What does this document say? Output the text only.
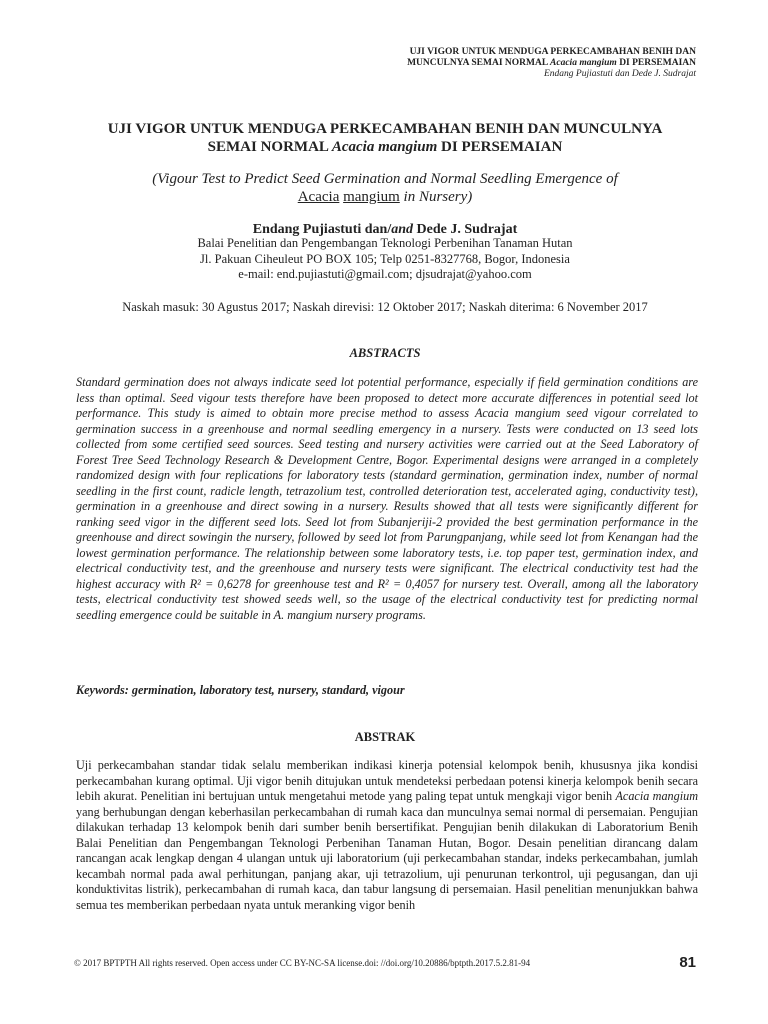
UJI VIGOR UNTUK MENDUGA PERKECAMBAHAN BENIH DAN
MUNCULNYA SEMAI NORMAL Acacia mangium DI PERSEMAIAN
Endang Pujiastuti dan Dede J. Sudrajat
UJI VIGOR UNTUK MENDUGA PERKECAMBAHAN BENIH DAN MUNCULNYA
SEMAI NORMAL Acacia mangium DI PERSEMAIAN
(Vigour Test to Predict Seed Germination and Normal Seedling Emergence of
Acacia mangium in Nursery)
Endang Pujiastuti dan/and Dede J. Sudrajat
Balai Penelitian dan Pengembangan Teknologi Perbenihan Tanaman Hutan
Jl. Pakuan Ciheuleut PO BOX 105; Telp 0251-8327768, Bogor, Indonesia
e-mail: end.pujiastuti@gmail.com; djsudrajat@yahoo.com
Naskah masuk: 30 Agustus 2017; Naskah direvisi: 12 Oktober 2017; Naskah diterima: 6 November 2017
ABSTRACTS
Standard germination does not always indicate seed lot potential performance, especially if field germination conditions are less than optimal. Seed vigour tests therefore have been proposed to detect more accurate differences in potential seed lot performance. This study is aimed to obtain more precise method to assess Acacia mangium seed vigour correlated to germination success in a greenhouse and normal seedling emergency in a nursery. Tests were conducted on 13 seed lots collected from some certified seed sources. Seed testing and nursery activities were carried out at the Seed Laboratory of Forest Tree Seed Technology Research & Development Centre, Bogor. Experimental designs were arranged in a completely randomized design with four replications for laboratory tests (standard germination, germination index, number of normal seedling in the first count, radicle length, tetrazolium test, controlled deterioration test, accelerated aging, conductivity test), germination in a greenhouse and direct sowing in a nursery. Results showed that all tests were significantly different for ranking seed vigor in the different seed lots. Seed lot from Subanjeriji-2 provided the best germination performance in the greenhouse and direct sowingin the nursery, followed by seed lot from Parungpanjang, while seed lot from Kenangan had the lowest germination performance. The relationship between some laboratory tests, i.e. top paper test, germination index, and electrical conductivity test, and the greenhouse and nursery tests were significant. The electrical conductivity test had the highest accuracy with R² = 0,6278 for greenhouse test and R² = 0,4057 for nursery test. Overall, among all the laboratory tests, electrical conductivity test showed seeds well, so the usage of the electrical conductivity test for predicting normal seedling emergence could be suitable in A. mangium nursery programs.
Keywords: germination, laboratory test, nursery, standard, vigour
ABSTRAK
Uji perkecambahan standar tidak selalu memberikan indikasi kinerja potensial kelompok benih, khususnya jika kondisi perkecambahan kurang optimal. Uji vigor benih ditujukan untuk mendeteksi perbedaan potensi kinerja kelompok benih secara lebih akurat. Penelitian ini bertujuan untuk mengetahui metode yang paling tepat untuk mengkaji vigor benih Acacia mangium yang berhubungan dengan keberhasilan perkecambahan di rumah kaca dan munculnya semai normal di persemaian. Pengujian dilakukan terhadap 13 kelompok benih dari sumber benih bersertifikat. Pengujian benih dilakukan di Laboratorium Benih Balai Penelitian dan Pengembangan Teknologi Perbenihan Tanaman Hutan, Bogor. Desain penelitian dirancang dalam rancangan acak lengkap dengan 4 ulangan untuk uji laboratorium (uji perkecambahan standar, indeks perkecambahan, jumlah kecambah normal pada awal perhitungan, panjang akar, uji tetrazolium, uji penurunan terkontrol, uji pegusangan, dan uji konduktivitas listrik), perkecambahan di rumah kaca, dan tabur langsung di persemaian. Hasil penelitian menunjukkan bahwa semua tes memberikan perbedaan nyata untuk meranking vigor benih
© 2017 BPTPTH All rights reserved. Open access under CC BY-NC-SA license.doi: //doi.org/10.20886/bptpth.2017.5.2.81-94	81
